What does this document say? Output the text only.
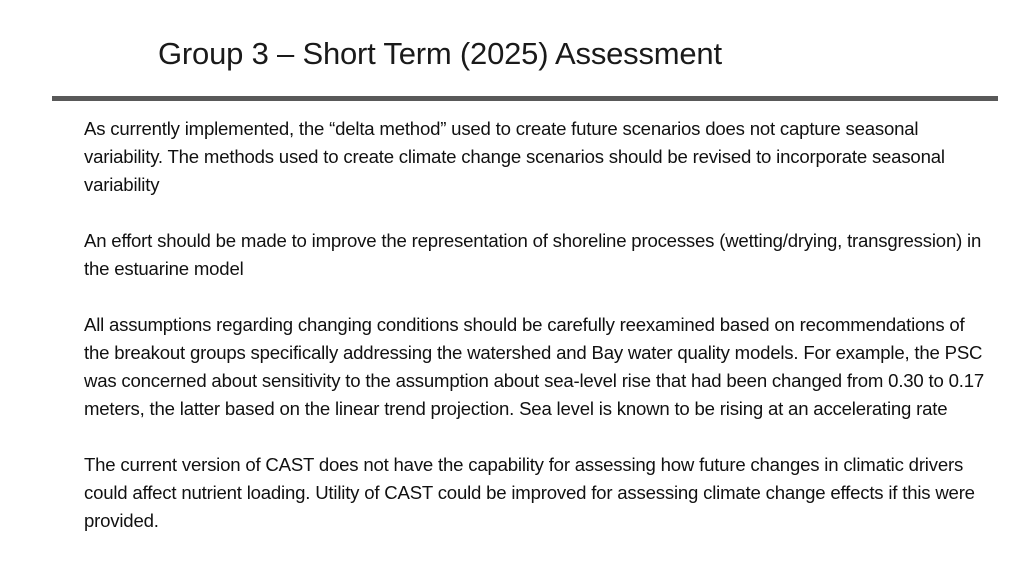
Group 3 – Short Term (2025) Assessment

As currently implemented, the “delta method” used to create future scenarios does not capture seasonal variability. The methods used to create climate change scenarios should be revised to incorporate seasonal variability

An effort should be made to improve the representation of shoreline processes (wetting/drying, transgression) in the estuarine model

All assumptions regarding changing conditions should be carefully reexamined based on recommendations of the breakout groups specifically addressing the watershed and Bay water quality models. For example, the PSC was concerned about sensitivity to the assumption about sea-level rise that had been changed from 0.30 to 0.17 meters, the latter based on the linear trend projection. Sea level is known to be rising at an accelerating rate

The current version of CAST does not have the capability for assessing how future changes in climatic drivers could affect nutrient loading. Utility of CAST could be improved for assessing climate change effects if this were provided.
